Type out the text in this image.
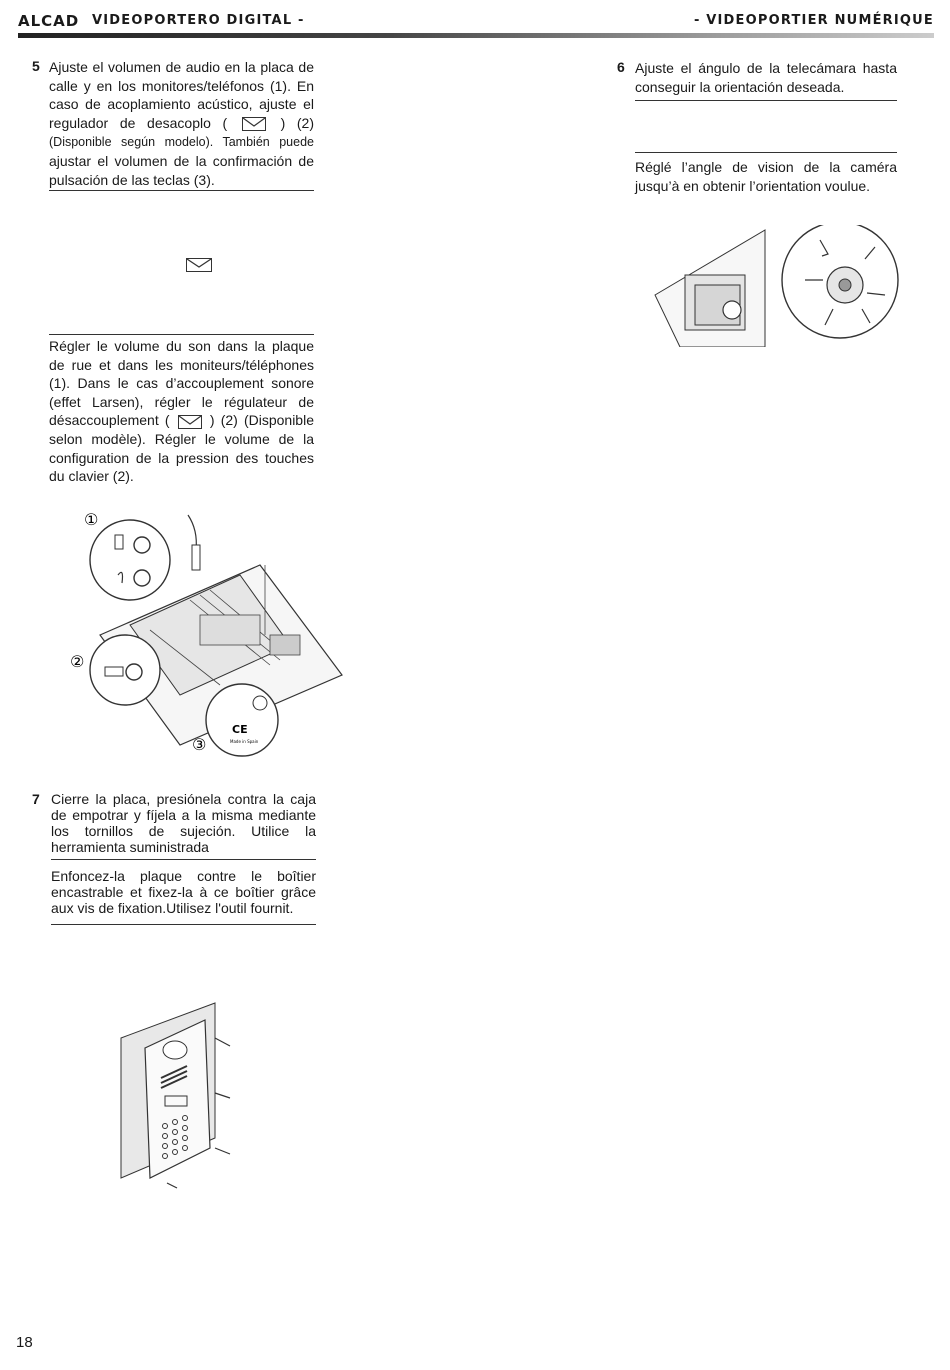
ALCAD VIDEOPORTERO DIGITAL -	- VIDEOPORTIER NUMÉRIQUE
5 Ajuste el volumen de audio en la placa de calle y en los monitores/teléfonos (1). En caso de acoplamiento acústico, ajuste el regulador de desacoplo (	) (2) (Disponible según modelo). También puede ajustar el volumen de la confirmación de pulsación de las teclas (3).
Régler le volume du son dans la plaque de rue et dans les moniteurs/téléphones (1). Dans le cas d’accouplement sonore (effet Larsen), régler le régulateur de désaccouplement (	) (2) (Disponible selon modèle). Régler le volume de la configuration de la pression des touches du clavier (2).
CE
Made in Spain
①
②
③
7 Cierre la placa, presiónela contra la caja de empotrar y fíjela a la misma mediante los tornillos de sujeción. Utilice la herramienta suministrada
Enfoncez-la plaque contre le boîtier encastrable et fixez-la à ce boîtier grâce aux vis de fixation.Utilisez l'outil fournit.
6 Ajuste el ángulo de la telecámara hasta conseguir la orientación deseada.
Réglé l’angle de vision de la caméra jusqu’à en obtenir l’orientation voulue.
18
